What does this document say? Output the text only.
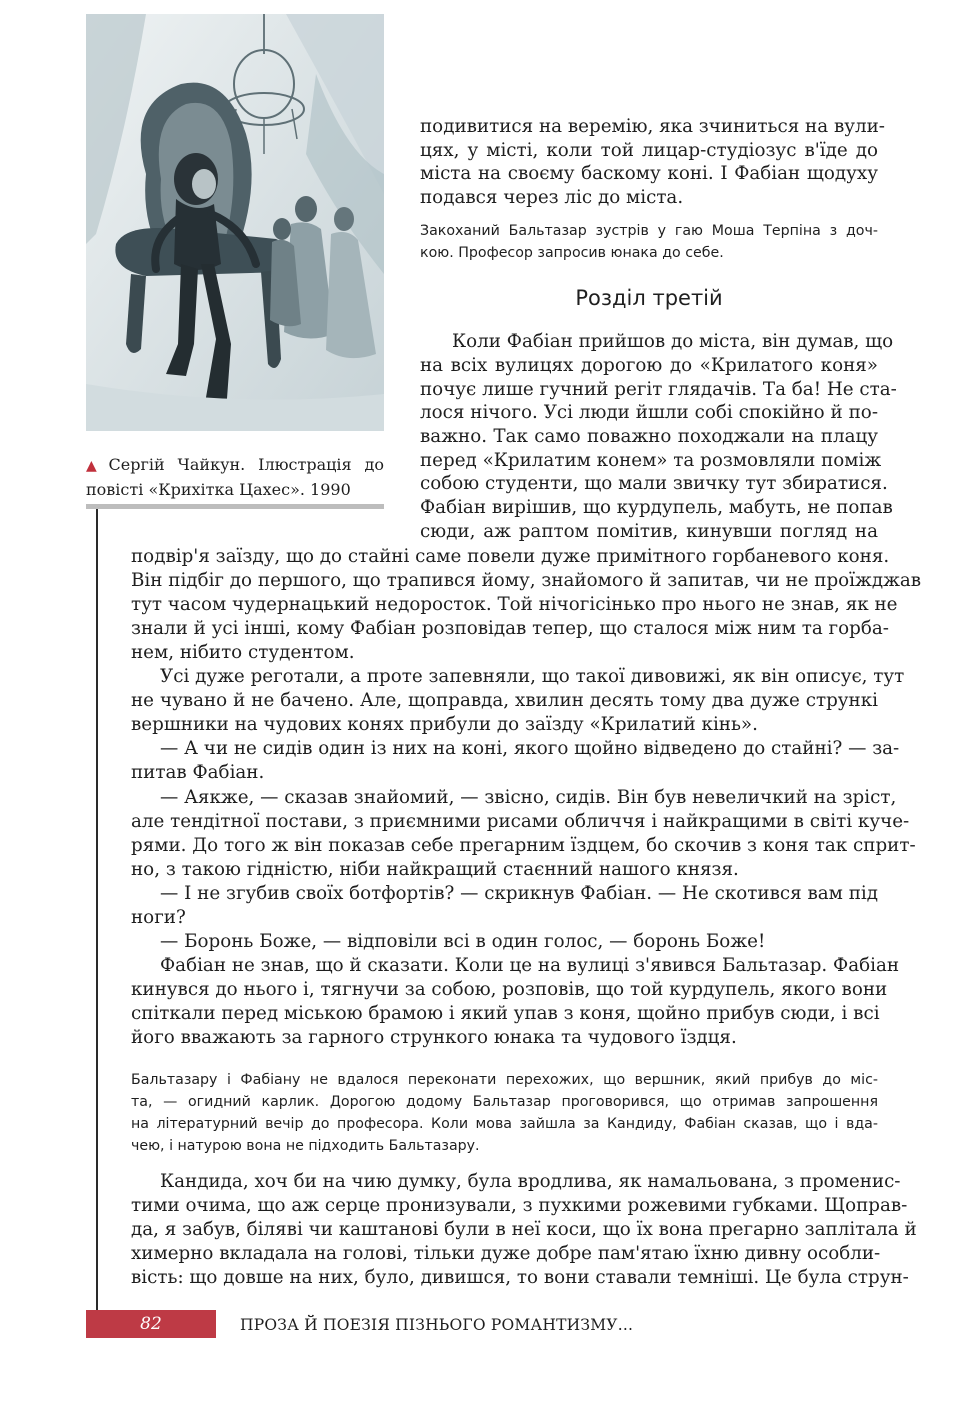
▲ Сергій Чайкун. Ілюстрація до повісті «Крихітка Цахес». 1990

подивитися на веремію, яка зчиниться на вули-

цях, у місті, коли той лицар-студіозус в'їде до

міста на своєму баскому коні. І Фабіан щодуху

подався через ліс до міста.

Закоханий Бальтазар зустрів у гаю Моша Терпіна з доч-

кою. Професор запросив юнака до себе.

Розділ третій

Коли Фабіан прийшов до міста, він думав, що

на всіх вулицях дорогою до «Крилатого коня»

почує лише гучний регіт глядачів. Та ба! Не ста-

лося нічого. Усі люди йшли собі спокійно й по-

важно. Так само поважно походжали на плацу

перед «Крилатим конем» та розмовляли поміж

собою студенти, що мали звичку тут збиратися.

Фабіан вирішив, що курдупель, мабуть, не попав

сюди, аж раптом помітив, кинувши погляд на

подвір'я заїзду, що до стайні саме повели дуже примітного горбаневого коня.

Він підбіг до першого, що трапився йому, знайомого й запитав, чи не проїжджав

тут часом чудернацький недоросток. Той нічогісінько про нього не знав, як не

знали й усі інші, кому Фабіан розповідав тепер, що сталося між ним та горба-

нем, нібито студентом.

Усі дуже реготали, а проте запевняли, що такої дивовижі, як він описує, тут

не чувано й не бачено. Але, щоправда, хвилин десять тому два дуже стрункі

вершники на чудових конях прибули до заїзду «Крилатий кінь».

— А чи не сидів один із них на коні, якого щойно відведено до стайні? — за-

питав Фабіан.

— Аякже, — сказав знайомий, — звісно, сидів. Він був невеличкий на зріст,

але тендітної постави, з приємними рисами обличчя і найкращими в світі куче-

рями. До того ж він показав себе прегарним їздцем, бо скочив з коня так сприт-

но, з такою гідністю, ніби найкращий стаєнний нашого князя.

— І не згубив своїх ботфортів? — скрикнув Фабіан. — Не скотився вам під

ноги?

— Боронь Боже, — відповіли всі в один голос, — боронь Боже!

Фабіан не знав, що й сказати. Коли це на вулиці з'явився Бальтазар. Фабіан

кинувся до нього і, тягнучи за собою, розповів, що той курдупель, якого вони

спіткали перед міською брамою і який упав з коня, щойно прибув сюди, і всі

його вважають за гарного стрункого юнака та чудового їздця.

Бальтазару і Фабіану не вдалося переконати перехожих, що вершник, який прибув до міс-

та, — огидний карлик. Дорогою додому Бальтазар проговорився, що отримав запрошення

на літературний вечір до професора. Коли мова зайшла за Кандиду, Фабіан сказав, що і вда-

чею, і натурою вона не підходить Бальтазару.

Кандида, хоч би на чию думку, була вродлива, як намальована, з променис-

тими очима, що аж серце пронизували, з пухкими рожевими губками. Щоправ-

да, я забув, біляві чи каштанові були в неї коси, що їх вона прегарно заплітала й

химерно вкладала на голові, тільки дуже добре пам'ятаю їхню дивну особли-

вість: що довше на них, було, дивишся, то вони ставали темніші. Це була струн-

82	ПРОЗА Й ПОЕЗІЯ ПІЗНЬОГО РОМАНТИЗМУ...
